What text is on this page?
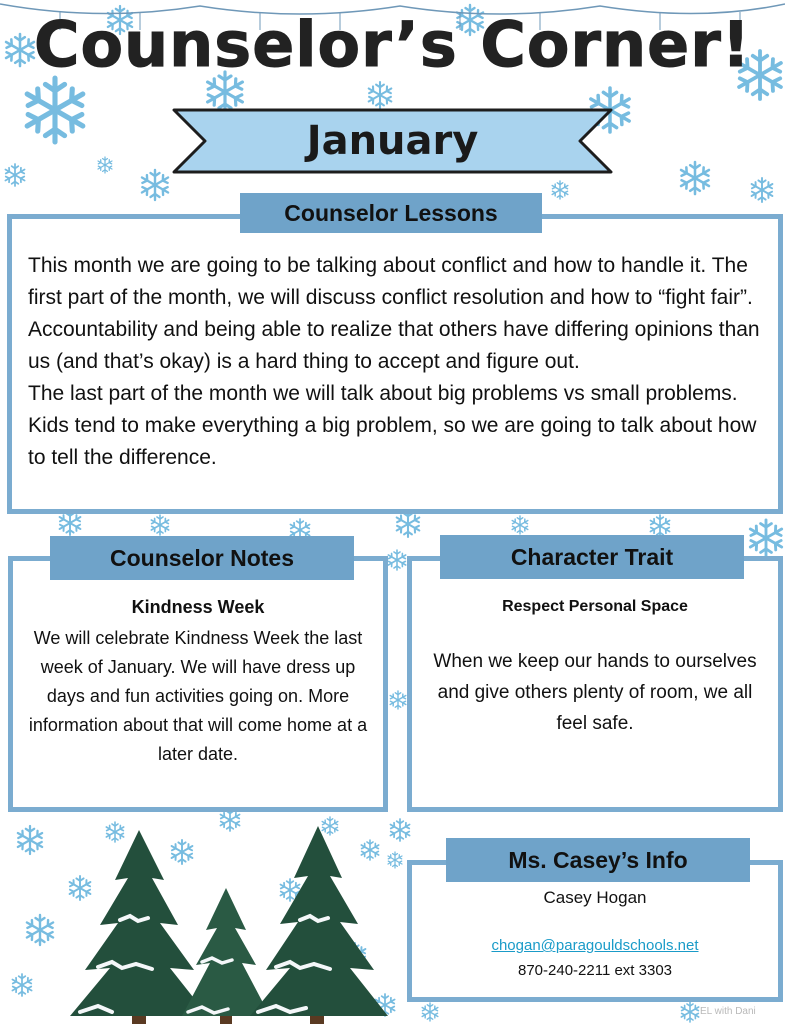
Counselor’s Corner!
January
Counselor Lessons

This month we are going to be talking about conflict and how to handle it. The first part of the month, we will discuss conflict resolution and how to “fight fair”. Accountability and being able to realize that others have differing opinions than us (and that’s okay) is a hard thing to accept and figure out.

The last part of the month we will talk about big problems vs small problems. Kids tend to make everything a big problem, so we are going to talk about how to tell the difference.

Counselor Notes
Kindness Week
We will celebrate Kindness Week the last week of January. We will have dress up days and fun activities going on. More information about that will come home at a later date.
Character Trait
Respect Personal Space
When we keep our hands to ourselves and give others plenty of room, we all feel safe.
Ms. Casey’s Info
Casey Hogan
chogan@paragouldschools.net
870-240-2211 ext 3303
EL with Dani
